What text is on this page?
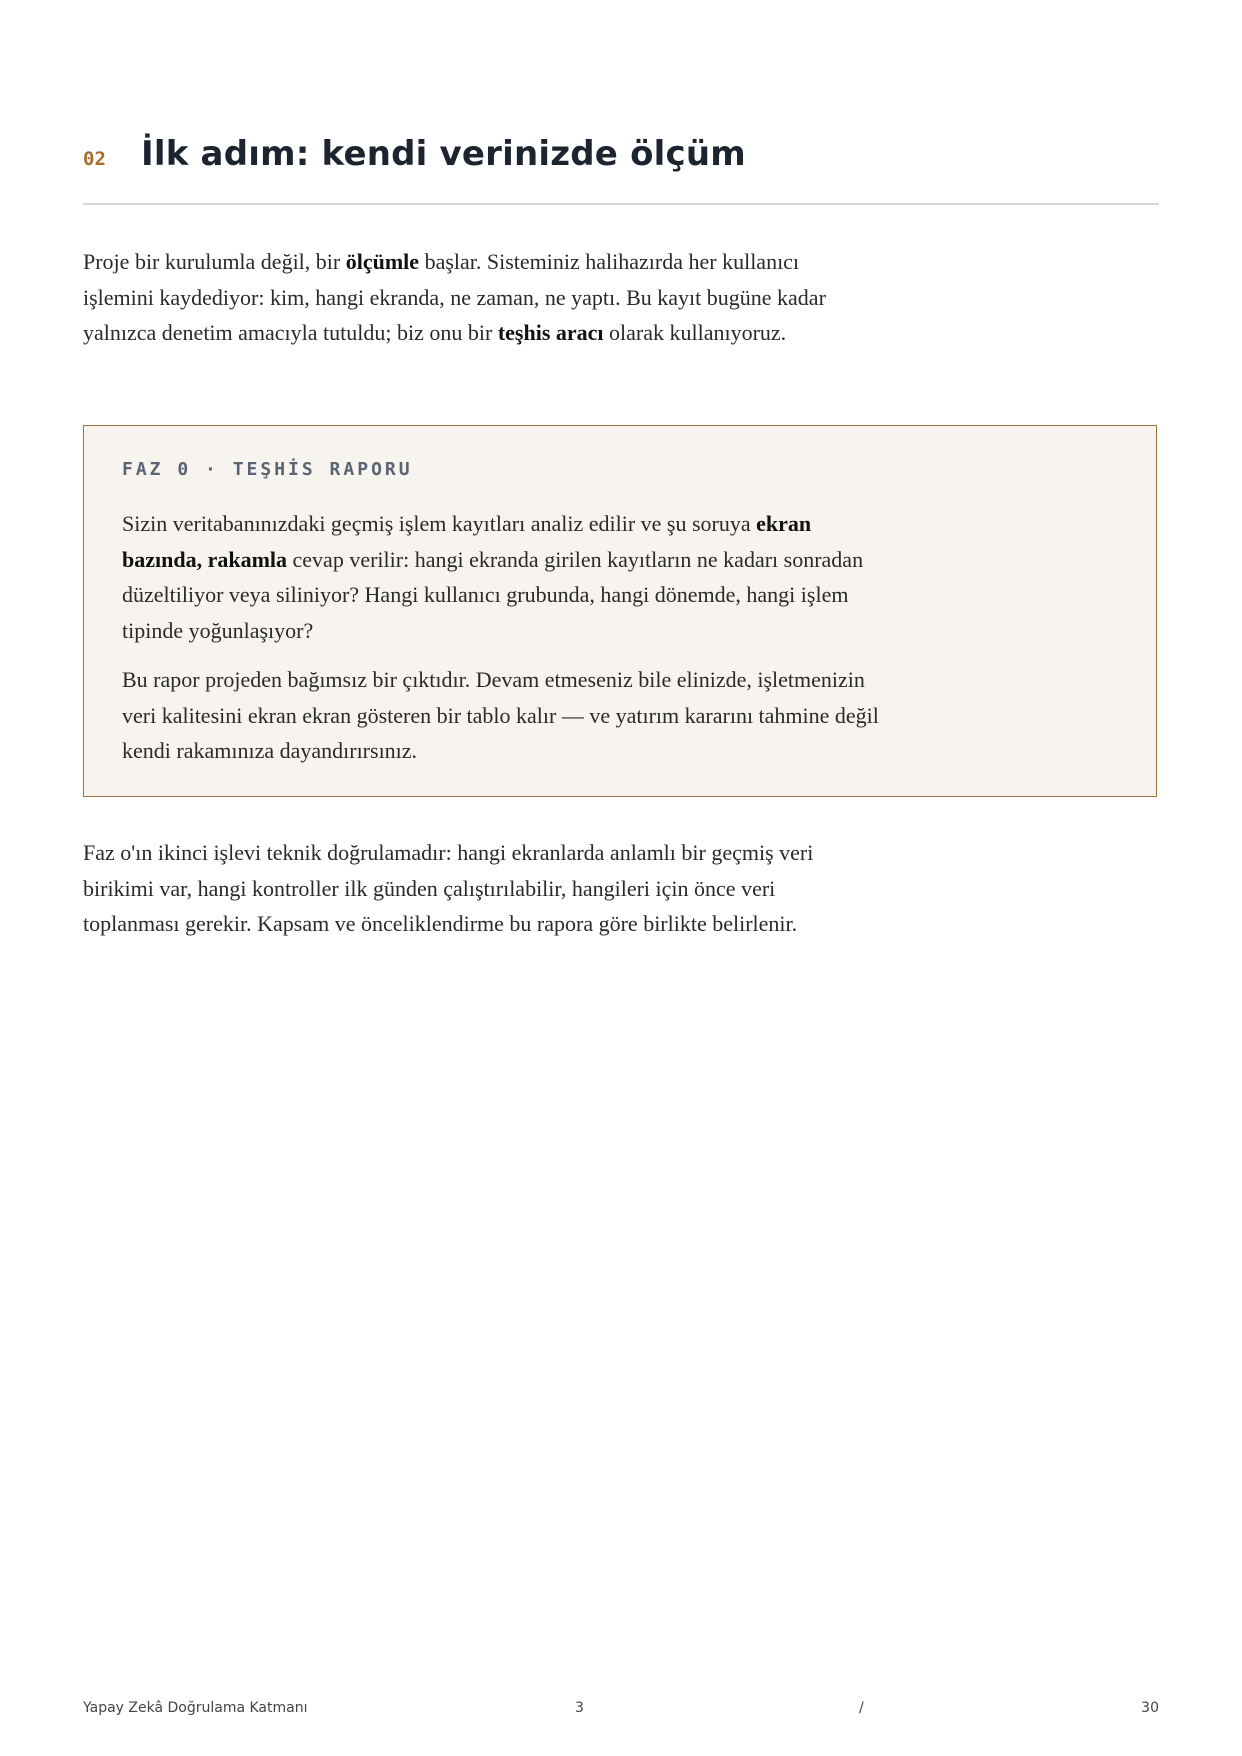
02	İlk adım: kendi verinizde ölçüm

Proje bir kurulumla değil, bir ölçümle başlar. Sisteminiz halihazırda her kullanıcı işlemini kaydediyor: kim, hangi ekranda, ne zaman, ne yaptı. Bu kayıt bugüne kadar yalnızca denetim amacıyla tutuldu; biz onu bir teşhis aracı olarak kullanıyoruz.

FAZ 0 · TEŞHİS RAPORU

Sizin veritabanınızdaki geçmiş işlem kayıtları analiz edilir ve şu soruya ekran bazında, rakamla cevap verilir: hangi ekranda girilen kayıtların ne kadarı sonradan düzeltiliyor veya siliniyor? Hangi kullanıcı grubunda, hangi dönemde, hangi işlem tipinde yoğunlaşıyor?

Bu rapor projeden bağımsız bir çıktıdır. Devam etmeseniz bile elinizde, işletmenizin veri kalitesini ekran ekran gösteren bir tablo kalır — ve yatırım kararını tahmine değil kendi rakamınıza dayandırırsınız.

Faz o'ın ikinci işlevi teknik doğrulamadır: hangi ekranlarda anlamlı bir geçmiş veri birikimi var, hangi kontroller ilk günden çalıştırılabilir, hangileri için önce veri toplanması gerekir. Kapsam ve önceliklendirme bu rapora göre birlikte belirlenir.

Yapay Zekâ Doğrulama Katmanı	3	/	30
